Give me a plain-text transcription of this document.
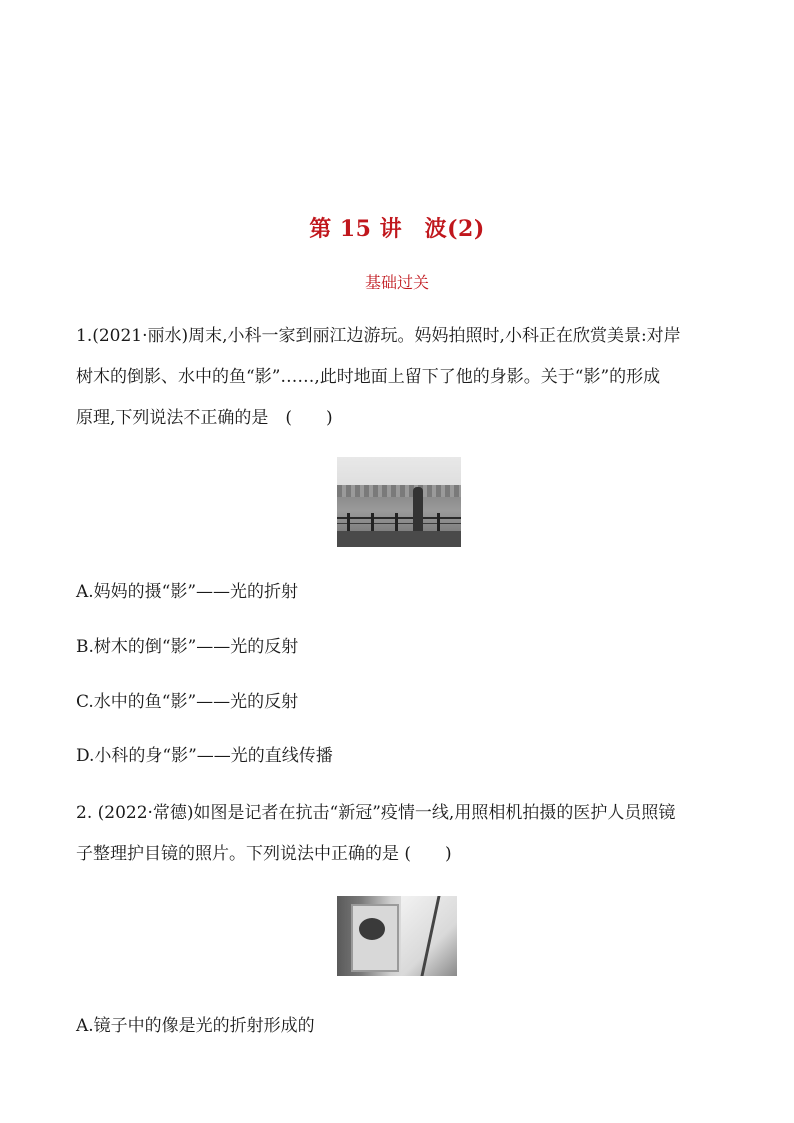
第 15 讲　波(2)
基础过关
1.(2021·丽水)周末,小科一家到丽江边游玩。妈妈拍照时,小科正在欣赏美景:对岸
树木的倒影、水中的鱼“影”……,此时地面上留下了他的身影。关于“影”的形成
原理,下列说法不正确的是　(　　)
A.妈妈的摄“影”——光的折射
B.树木的倒“影”——光的反射
C.水中的鱼“影”——光的反射
D.小科的身“影”——光的直线传播
2. (2022·常德)如图是记者在抗击“新冠”疫情一线,用照相机拍摄的医护人员照镜
子整理护目镜的照片。下列说法中正确的是 (　　)
A.镜子中的像是光的折射形成的
